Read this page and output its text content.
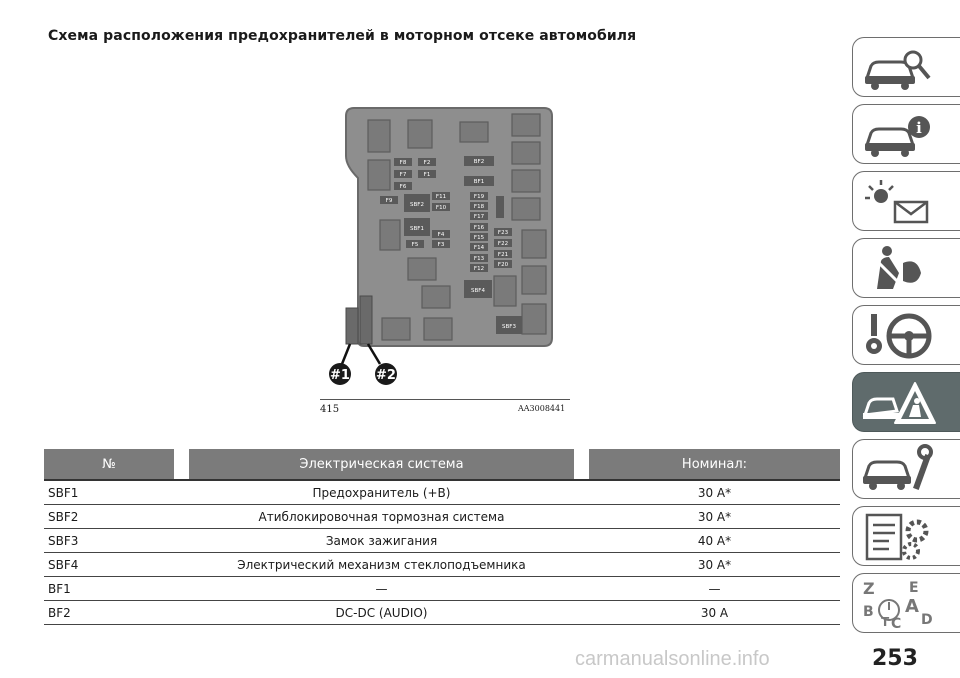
Схема расположения предохранителей в моторном отсеке автомобиля
F8	F2
F7	F1
F6
F9
SBF2
F11
F10
SBF1
F4
F5	F3
BF2
BF1
F19
F18
F17
F16
F15
F14
F13
F12
F23
F22
F21
F20
SBF4
SBF3
#1 #2
415	AA3008441
№		Электрическая система		Номинал:
SBF1		Предохранитель (+B)		30 A*
SBF2		Атиблокировочная тормозная система		30 A*
SBF3		Замок зажигания		40 A*
SBF4		Электрический механизм стеклоподъемника		30 A*
BF1		—		—
BF2		DC-DC (AUDIO)		30 A
i
Z E
B A
D
T C
253
carmanualsonline.info
